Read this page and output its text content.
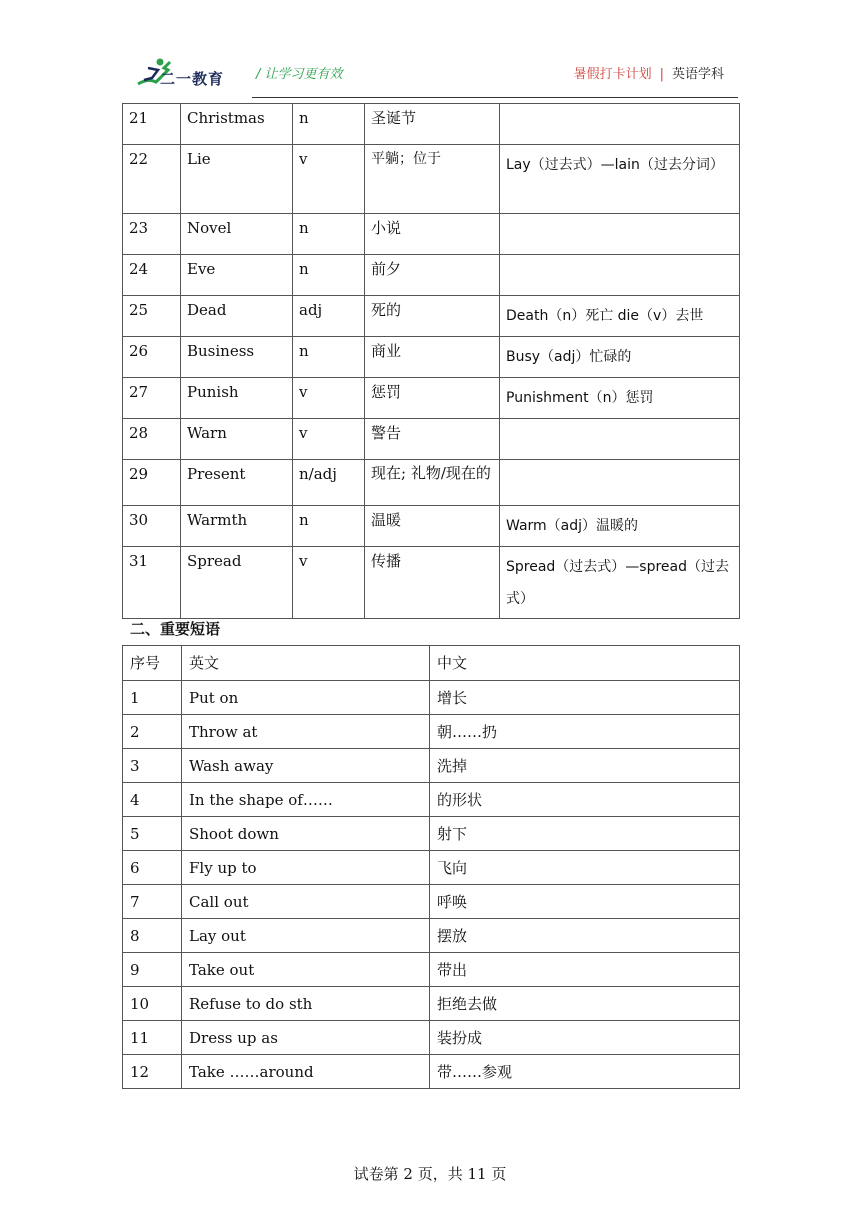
二一教育 / 让学习更有效	暑假打卡计划 | 英语学科
21	Christmas	n	圣诞节	
22	Lie	v	平躺；位于	Lay（过去式）—lain（过去分词）
23	Novel	n	小说	
24	Eve	n	前夕	
25	Dead	adj	死的	Death（n）死亡 die（v）去世
26	Business	n	商业	Busy（adj）忙碌的
27	Punish	v	惩罚	Punishment（n）惩罚
28	Warn	v	警告	
29	Present	n/adj	现在; 礼物/现在的	
30	Warmth	n	温暖	Warm（adj）温暖的
31	Spread	v	传播	Spread（过去式）—spread（过去式）
二、重要短语
序号	英文	中文
1	Put on	增长
2	Throw at	朝……扔
3	Wash away	洗掉
4	In the shape of……	的形状
5	Shoot down	射下
6	Fly up to	飞向
7	Call out	呼唤
8	Lay out	摆放
9	Take out	带出
10	Refuse to do sth	拒绝去做
11	Dress up as	装扮成
12	Take ……around	带……参观
试卷第 2 页，共 11 页
